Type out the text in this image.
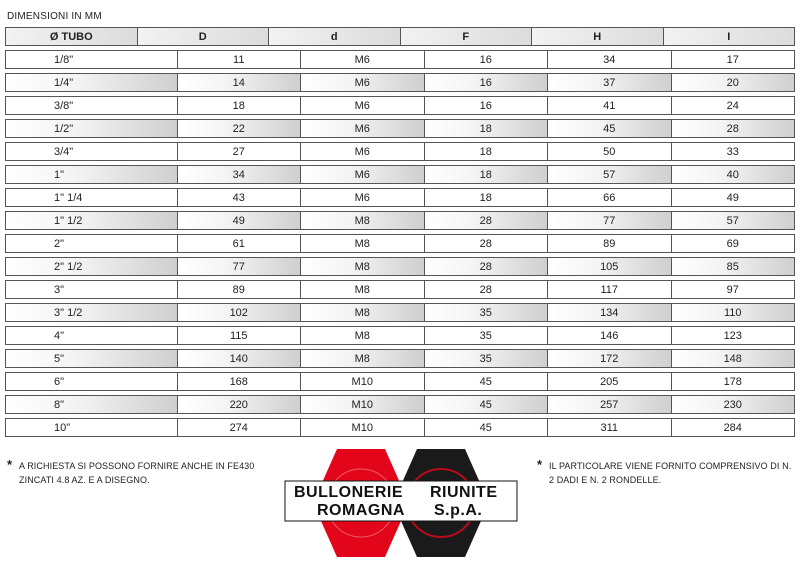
DIMENSIONI IN MM
Ø TUBO	D	d	F	H	I
1/8"	11	M6	16	34	17
1/4"	14	M6	16	37	20
3/8"	18	M6	16	41	24
1/2"	22	M6	18	45	28
3/4"	27	M6	18	50	33
1"	34	M6	18	57	40
1" 1/4	43	M6	18	66	49
1" 1/2	49	M8	28	77	57
2"	61	M8	28	89	69
2" 1/2	77	M8	28	105	85
3"	89	M8	28	117	97
3" 1/2	102	M8	35	134	110
4"	115	M8	35	146	123
5"	140	M8	35	172	148
6"	168	M10	45	205	178
8"	220	M10	45	257	230
10"	274	M10	45	311	284
* A RICHIESTA SI POSSONO FORNIRE ANCHE IN FE430
ZINCATI 4.8 AZ. E A DISEGNO.
* IL PARTICOLARE VIENE FORNITO COMPRENSIVO DI N.
2 DADI E N. 2 RONDELLE.
BULLONERIE RIUNITE
ROMAGNA S.p.A.
